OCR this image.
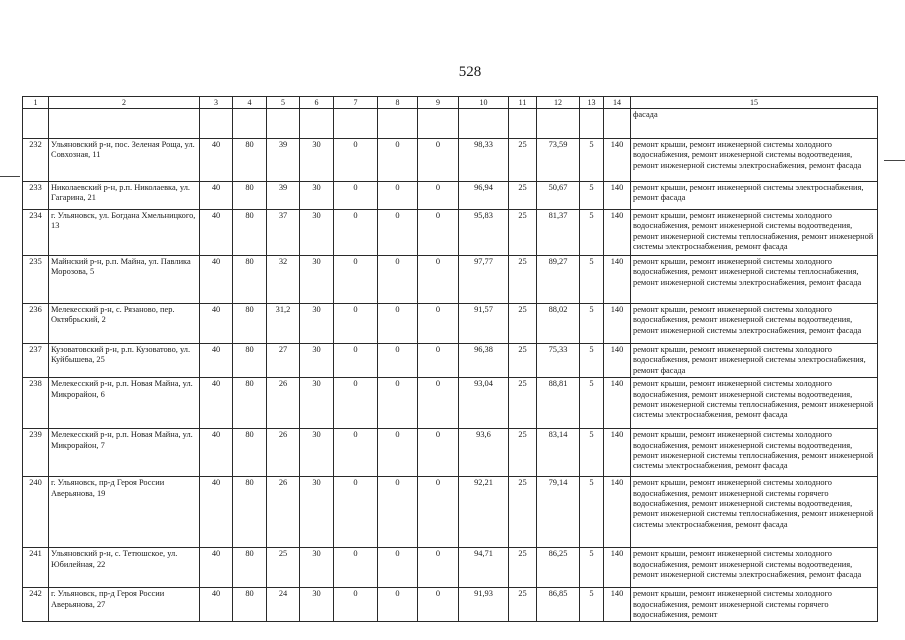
528
1	2	3	4	5	6	7	8	9	10	11	12	13	14	15
														фасада
232	Ульяновский р-н, пос. Зеленая Роща, ул. Совхозная, 11	40	80	39	30	0	0	0	98,33	25	73,59	5	140	ремонт крыши, ремонт инженерной системы холодного водоснабжения, ремонт инженерной системы водоотведения, ремонт инженерной системы электроснабжения, ремонт фасада
233	Николаевский р-н, р.п. Николаевка, ул. Гагарина, 21	40	80	39	30	0	0	0	96,94	25	50,67	5	140	ремонт крыши, ремонт инженерной системы электроснабжения, ремонт фасада
234	г. Ульяновск, ул. Богдана Хмельницкого, 13	40	80	37	30	0	0	0	95,83	25	81,37	5	140	ремонт крыши, ремонт инженерной системы холодного водоснабжения, ремонт инженерной системы водоотведения, ремонт инженерной системы теплоснабжения, ремонт инженерной системы электроснабжения, ремонт фасада
235	Майнский р-н, р.п. Майна, ул. Павлика Морозова, 5	40	80	32	30	0	0	0	97,77	25	89,27	5	140	ремонт крыши, ремонт инженерной системы холодного водоснабжения, ремонт инженерной системы теплоснабжения, ремонт инженерной системы электроснабжения, ремонт фасада
236	Мелекесский р-н, с. Рязаново, пер. Октябрьский, 2	40	80	31,2	30	0	0	0	91,57	25	88,02	5	140	ремонт крыши, ремонт инженерной системы холодного водоснабжения, ремонт инженерной системы водоотведения, ремонт инженерной системы электроснабжения, ремонт фасада
237	Кузоватовский р-н, р.п. Кузоватово, ул. Куйбышева, 25	40	80	27	30	0	0	0	96,38	25	75,33	5	140	ремонт крыши, ремонт инженерной системы холодного водоснабжения, ремонт инженерной системы электроснабжения, ремонт фасада
238	Мелекесский р-н, р.п. Новая Майна, ул. Микрорайон, 6	40	80	26	30	0	0	0	93,04	25	88,81	5	140	ремонт крыши, ремонт инженерной системы холодного водоснабжения, ремонт инженерной системы водоотведения, ремонт инженерной системы теплоснабжения, ремонт инженерной системы электроснабжения, ремонт фасада
239	Мелекесский р-н, р.п. Новая Майна, ул. Микрорайон, 7	40	80	26	30	0	0	0	93,6	25	83,14	5	140	ремонт крыши, ремонт инженерной системы холодного водоснабжения, ремонт инженерной системы водоотведения, ремонт инженерной системы теплоснабжения, ремонт инженерной системы электроснабжения, ремонт фасада
240	г. Ульяновск, пр-д Героя России Аверьянова, 19	40	80	26	30	0	0	0	92,21	25	79,14	5	140	ремонт крыши, ремонт инженерной системы холодного водоснабжения, ремонт инженерной системы горячего водоснабжения, ремонт инженерной системы водоотведения, ремонт инженерной системы теплоснабжения, ремонт инженерной системы электроснабжения, ремонт фасада
241	Ульяновский р-н, с. Тетюшское, ул. Юбилейная, 22	40	80	25	30	0	0	0	94,71	25	86,25	5	140	ремонт крыши, ремонт инженерной системы холодного водоснабжения, ремонт инженерной системы водоотведения, ремонт инженерной системы электроснабжения, ремонт фасада
242	г. Ульяновск, пр-д Героя России Аверьянова, 27	40	80	24	30	0	0	0	91,93	25	86,85	5	140	ремонт крыши, ремонт инженерной системы холодного водоснабжения, ремонт инженерной системы горячего водоснабжения, ремонт
